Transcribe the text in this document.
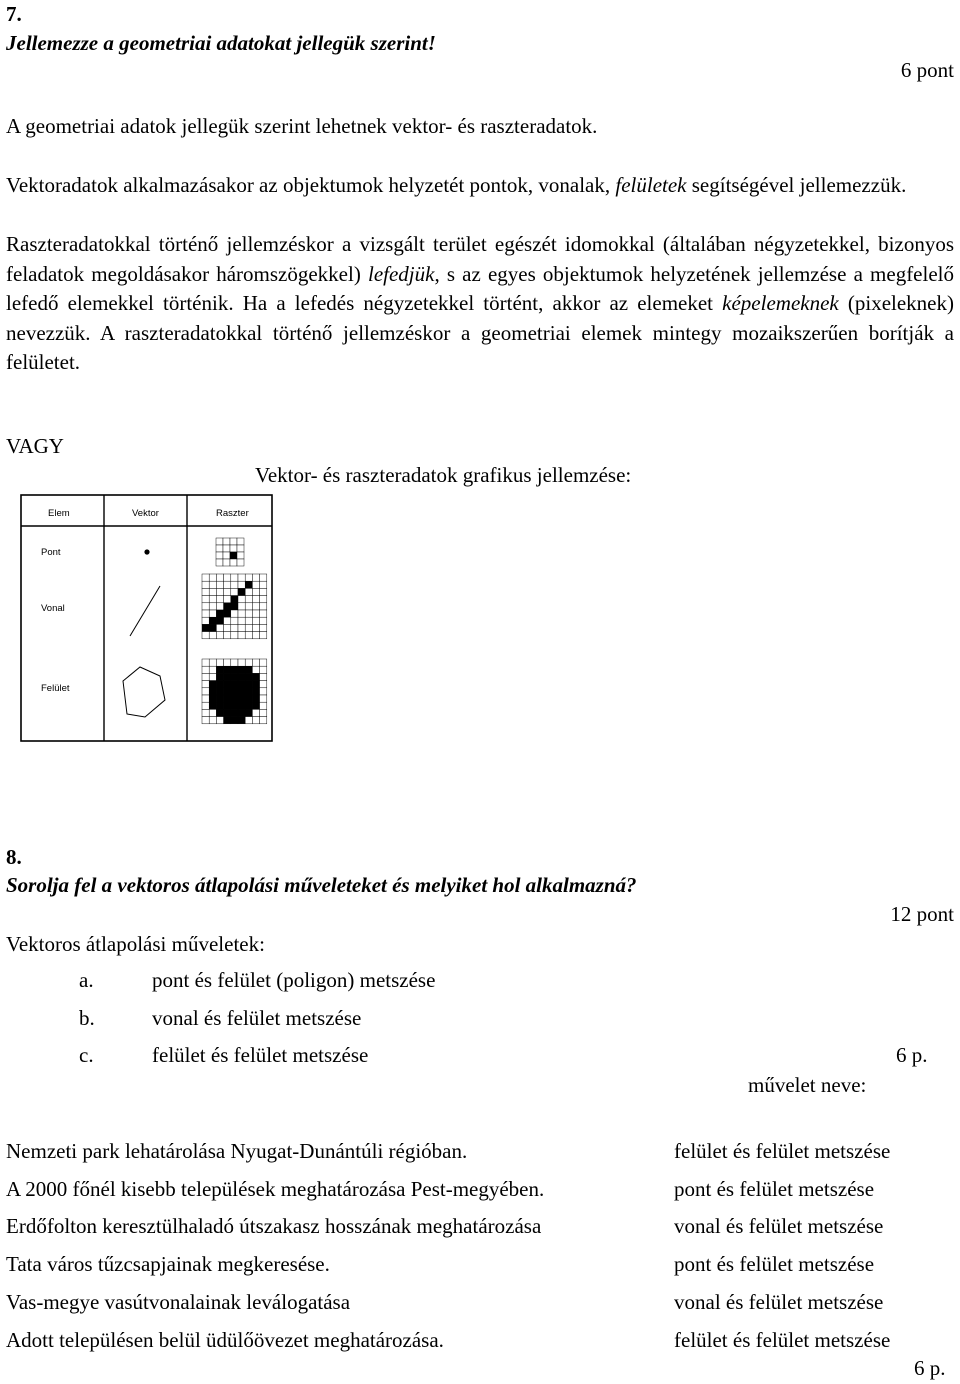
7.
Jellemezze a geometriai adatokat jellegük szerint!
6 pont
A geometriai adatok jellegük szerint lehetnek vektor- és raszteradatok.
Vektoradatok alkalmazásakor az objektumok helyzetét pontok, vonalak, felületek segítségével jellemezzük.
Raszteradatokkal történő jellemzéskor a vizsgált terület egészét idomokkal (általában négyzetekkel, bizonyos feladatok megoldásakor háromszögekkel) lefedjük, s az egyes objektumok helyzetének jellemzése a megfelelő lefedő elemekkel történik. Ha a lefedés négyzetekkel történt, akkor az elemeket képelemeknek (pixeleknek) nevezzük. A raszteradatokkal történő jellemzéskor a geometriai elemek mintegy mozaikszerűen borítják a felületet.
VAGY
Vektor- és raszteradatok grafikus jellemzése:
Elem	Vektor	Raszter
Pont
Vonal
Felület
8.
Sorolja fel a vektoros átlapolási műveleteket és melyiket hol alkalmazná?
12 pont
Vektoros átlapolási műveletek:
a.	pont és felület (poligon) metszése
b.	vonal és felület metszése
c.	felület és felület metszése	6 p.
művelet neve:
Nemzeti park lehatárolása Nyugat-Dunántúli régióban.	felület és felület metszése
A 2000 főnél kisebb települések meghatározása Pest-megyében.	pont és felület metszése
Erdőfolton keresztülhaladó útszakasz hosszának meghatározása	vonal és felület metszése
Tata város tűzcsapjainak megkeresése.	pont és felület metszése
Vas-megye vasútvonalainak leválogatása	vonal és felület metszése
Adott településen belül üdülőövezet meghatározása.	felület és felület metszése
6 p.
